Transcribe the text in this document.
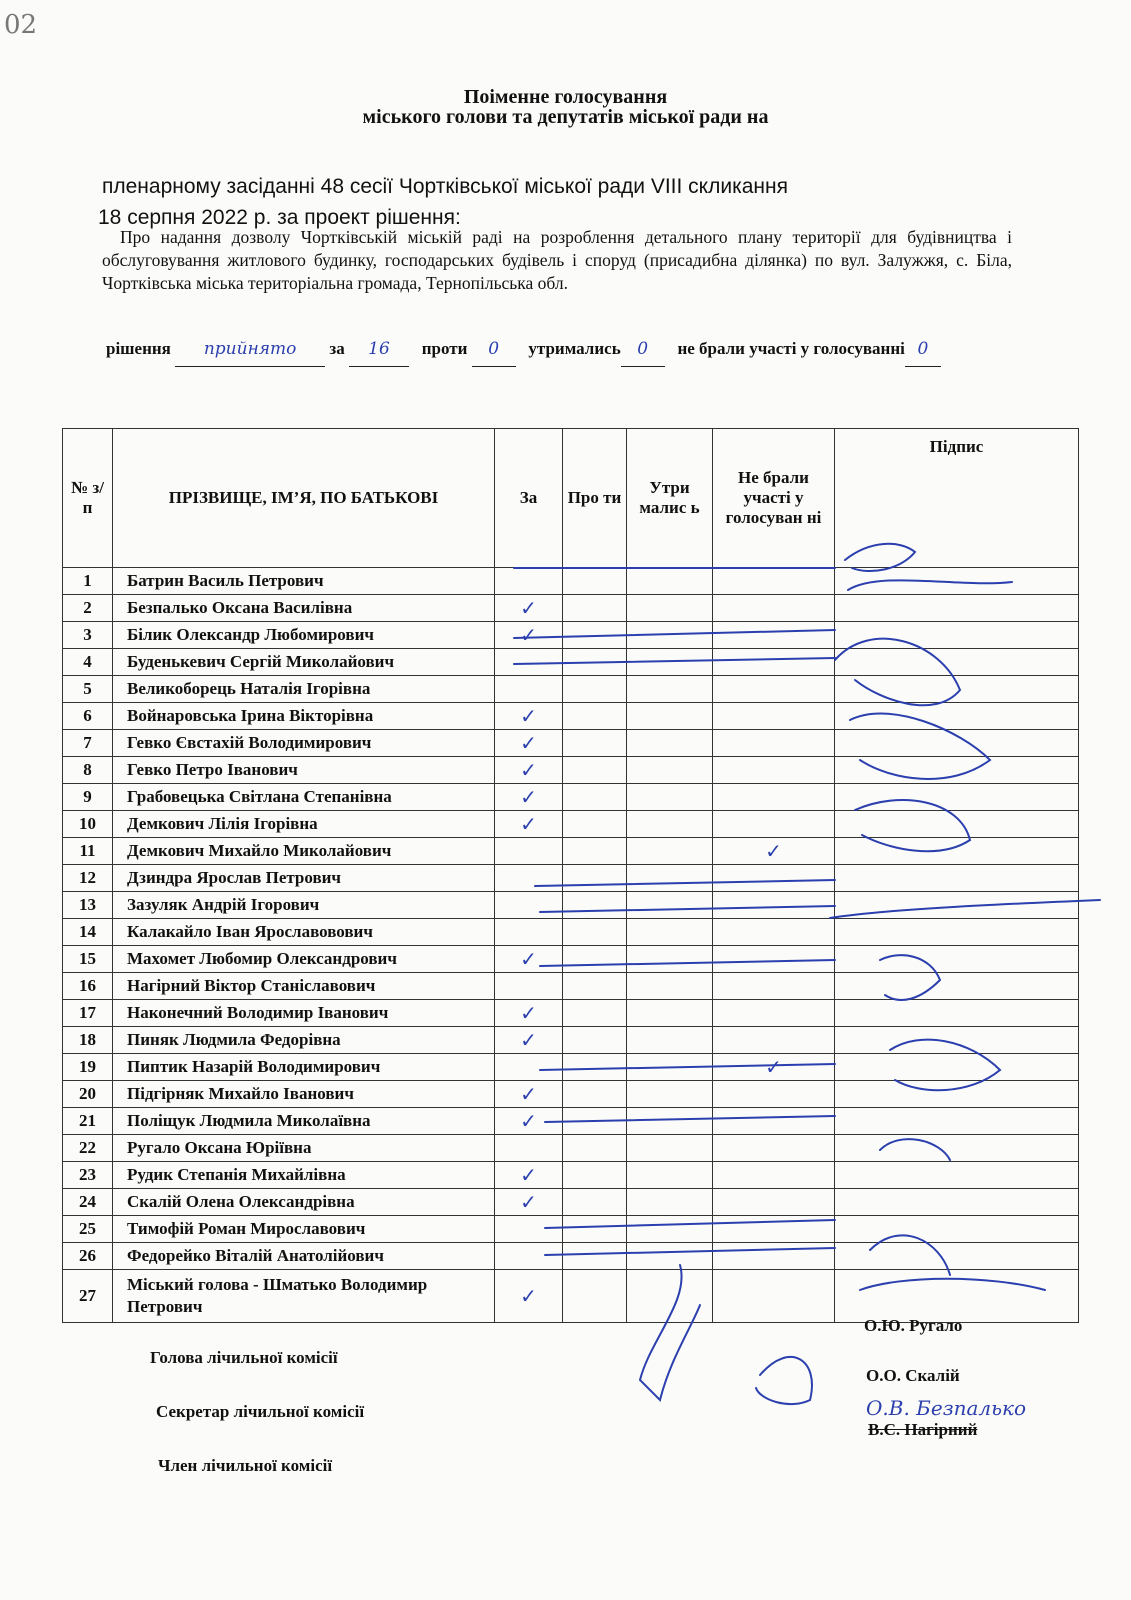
02
Поіменне голосування
міського голови та депутатів міської ради на
пленарному засіданні 48 сесії Чортківської міської ради VIII скликання
18 серпня 2022 р. за проект рішення:
Про надання дозволу Чортківській міській раді на розроблення детального плану території для будівництва і обслуговування житлового будинку, господарських будівель і споруд (присадибна ділянка) по вул. Залужжя, с. Біла, Чортківська міська територіальна громада, Тернопільська обл.
рішення прийнято за 16 проти 0 утримались 0 не брали участі у голосуванні 0
№ з/п	ПРІЗВИЩЕ, ІМ’Я, ПО БАТЬКОВІ	За	Про ти	Утри малис ь	Не брали участі у голосуван ні	Підпис
1	Батрин Василь Петрович					
2	Безпалько Оксана Василівна	✓				
3	Білик Олександр Любомирович	✓				
4	Буденькевич Сергій Миколайович					
5	Великоборець Наталія Ігорівна					
6	Войнаровська Ірина Вікторівна	✓				
7	Гевко Євстахій Володимирович	✓				
8	Гевко Петро Іванович	✓				
9	Грабовецька Світлана Степанівна	✓				
10	Демкович Лілія Ігорівна	✓				
11	Демкович Михайло Миколайович				✓	
12	Дзиндра Ярослав Петрович					
13	Зазуляк Андрій Ігорович					
14	Калакайло Іван Ярославовович					
15	Махомет Любомир Олександрович	✓				
16	Нагірний Віктор Станіславович					
17	Наконечний Володимир Іванович	✓				
18	Пиняк Людмила Федорівна	✓				
19	Пиптик Назарій Володимирович				✓	
20	Підгірняк Михайло Іванович	✓				
21	Поліщук Людмила Миколаївна	✓				
22	Ругало Оксана Юріївна					
23	Рудик Степанія Михайлівна	✓				
24	Скалій Олена Олександрівна	✓				
25	Тимофій Роман Мирославович					
26	Федорейко Віталій Анатолійович					
27	Міський голова - Шматько Володимир Петрович	✓				
Голова лічильної комісії
Секретар лічильної комісії
Член лічильної комісії
О.Ю. Ругало
О.О. Скалій
В.С. Нагірний
О.В. Безпалько
